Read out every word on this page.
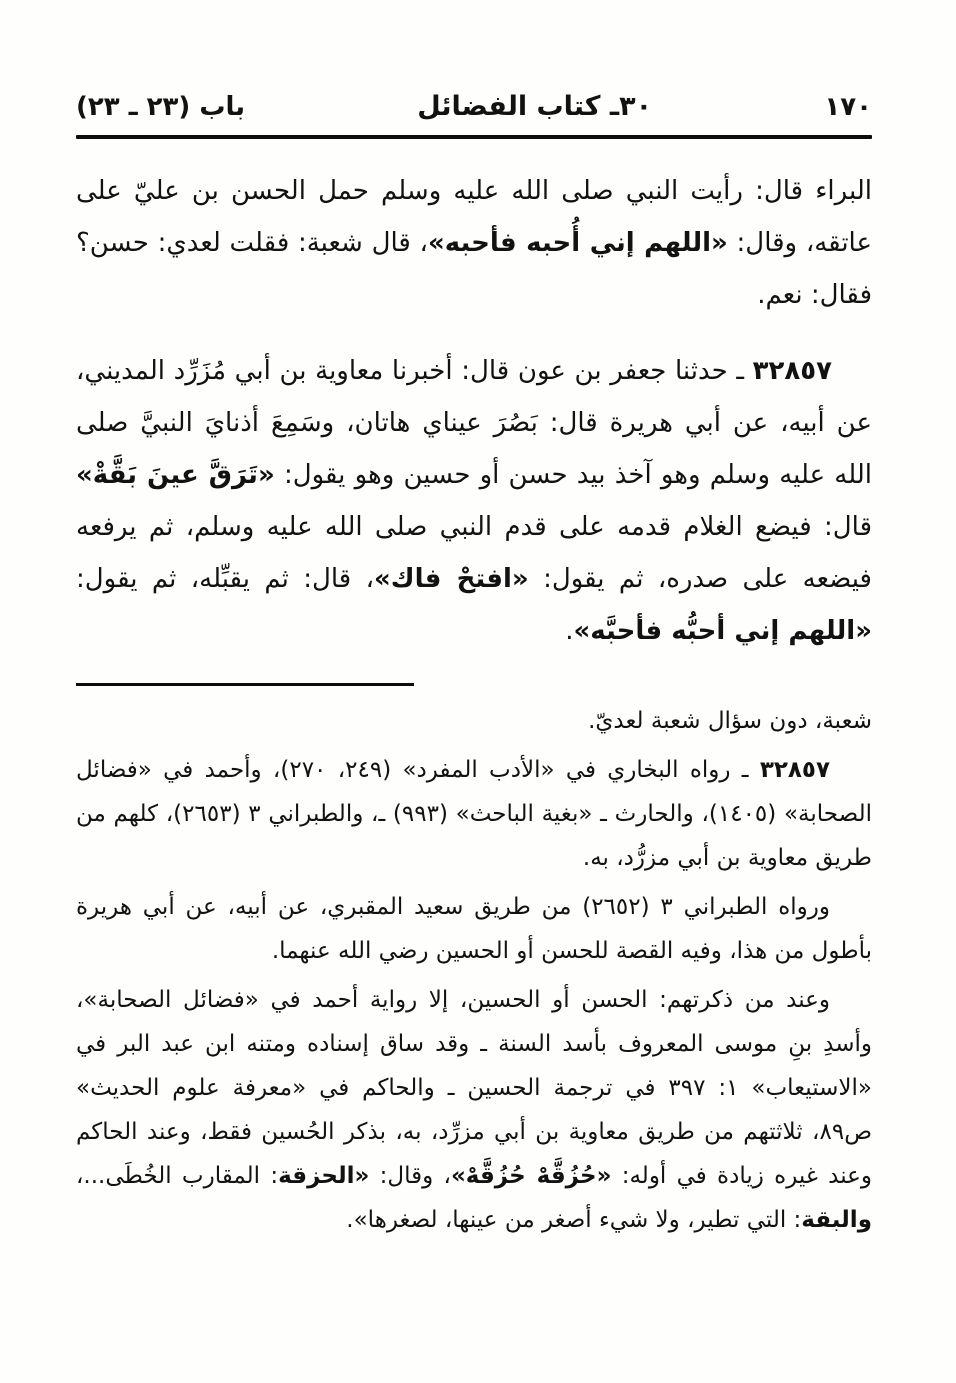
١٧٠
٣٠ـ كتاب الفضائل
باب (٢٣ ـ ٢٣)

البراء قال: رأيت النبي صلى الله عليه وسلم حمل الحسن بن عليّ على عاتقه، وقال: «اللهم إني أُحبه فأحبه»، قال شعبة: فقلت لعدي: حسن؟ فقال: نعم.

٣٢٨٥٧ ـ حدثنا جعفر بن عون قال: أخبرنا معاوية بن أبي مُزَرِّد المديني، عن أبيه، عن أبي هريرة قال: بَصُرَ عيناي هاتان، وسَمِعَ أذنايَ النبيَّ صلى الله عليه وسلم وهو آخذ بيد حسن أو حسين وهو يقول: «تَرَقَّ عينَ بَقَّةْ» قال: فيضع الغلام قدمه على قدم النبي صلى الله عليه وسلم، ثم يرفعه فيضعه على صدره، ثم يقول: «افتحْ فاك»، قال: ثم يقبِّله، ثم يقول: «اللهم إني أحبُّه فأحبَّه».

شعبة، دون سؤال شعبة لعديّ.

٣٢٨٥٧ ـ رواه البخاري في «الأدب المفرد» (٢٤٩، ٢٧٠)، وأحمد في «فضائل الصحابة» (١٤٠٥)، والحارث ـ «بغية الباحث» (٩٩٣) ـ، والطبراني ٣ (٢٦٥٣)، كلهم من طريق معاوية بن أبي مزرُّد، به.

ورواه الطبراني ٣ (٢٦٥٢) من طريق سعيد المقبري، عن أبيه، عن أبي هريرة بأطول من هذا، وفيه القصة للحسن أو الحسين رضي الله عنهما.

وعند من ذكرتهم: الحسن أو الحسين، إلا رواية أحمد في «فضائل الصحابة»، وأسدِ بنِ موسى المعروف بأسد السنة ـ وقد ساق إسناده ومتنه ابن عبد البر في «الاستيعاب» ١: ٣٩٧ في ترجمة الحسين ـ والحاكم في «معرفة علوم الحديث» ص٨٩، ثلاثتهم من طريق معاوية بن أبي مزرِّد، به، بذكر الحُسين فقط، وعند الحاكم وعند غيره زيادة في أوله: «حُزُقَّهْ حُزُقَّهْ»، وقال: «الحزقة: المقارب الخُطَى...، والبقة: التي تطير، ولا شيء أصغر من عينها، لصغرها».
